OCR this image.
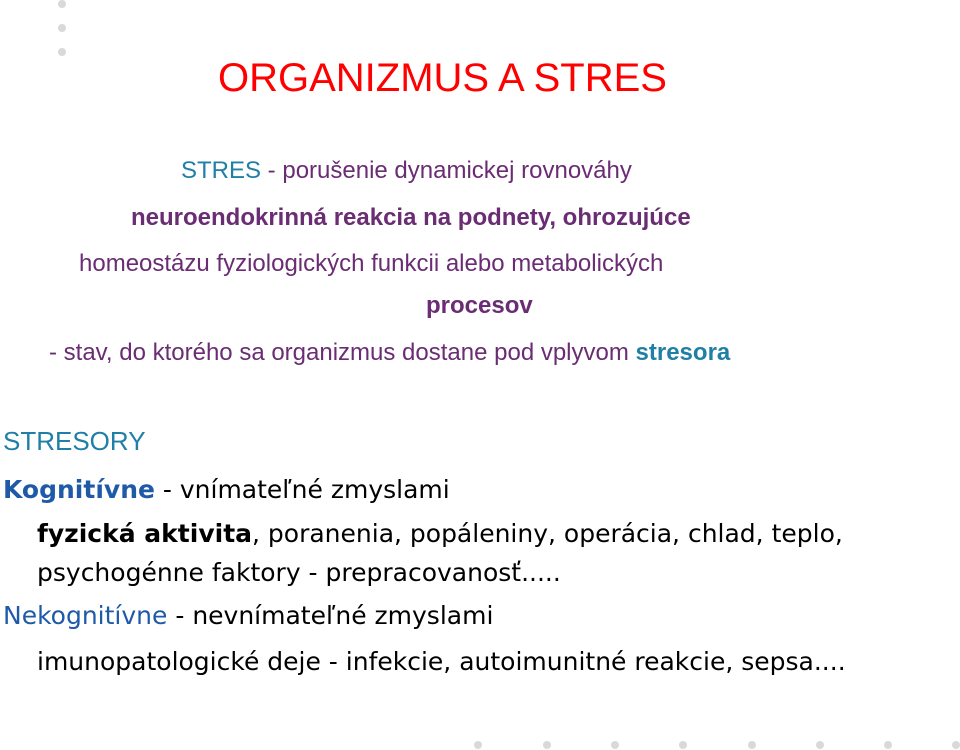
ORGANIZMUS A STRES
STRES - porušenie dynamickej rovnováhy
neuroendokrinná reakcia na podnety, ohrozujúce
homeostázu fyziologických funkcii alebo metabolických
procesov
- stav, do ktorého sa organizmus dostane pod vplyvom stresora
STRESORY
Kognitívne - vnímateľné zmyslami
fyzická aktivita, poranenia, popáleniny, operácia, chlad, teplo,
psychogénne faktory - prepracovanosť.....
Nekognitívne - nevnímateľné zmyslami
imunopatologické deje - infekcie, autoimunitné reakcie, sepsa....
